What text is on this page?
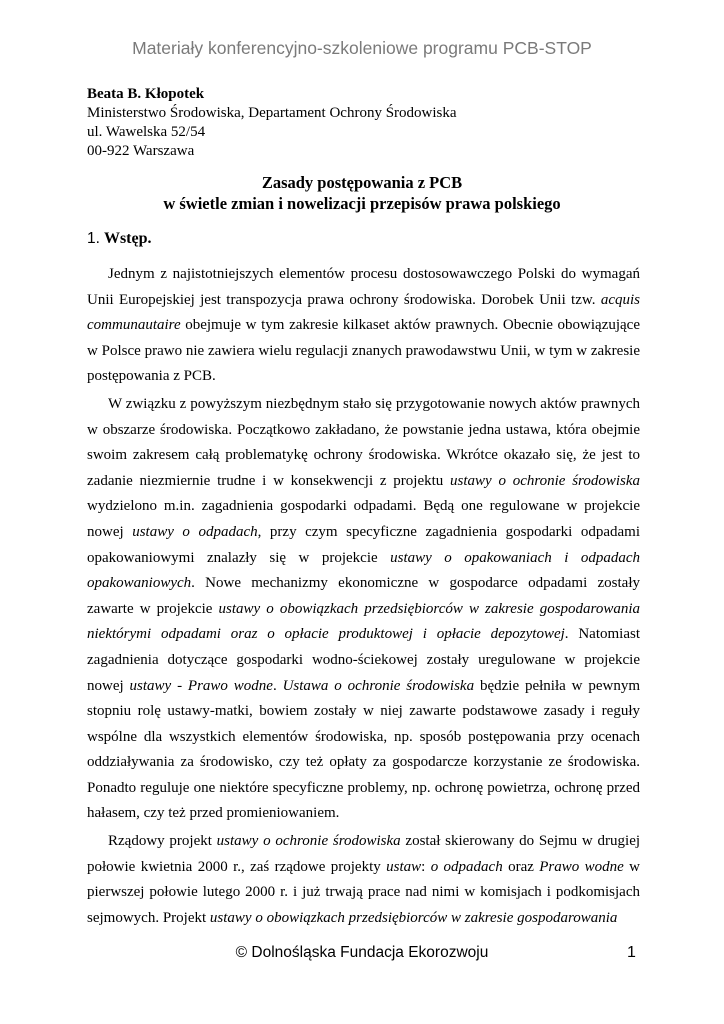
Materiały konferencyjno-szkoleniowe programu PCB-STOP
Beata B. Kłopotek
Ministerstwo Środowiska, Departament Ochrony Środowiska
ul. Wawelska 52/54
00-922 Warszawa
Zasady postępowania z PCB
w świetle zmian i nowelizacji przepisów prawa polskiego
1. Wstęp.

Jednym z najistotniejszych elementów procesu dostosowawczego Polski do wymagań Unii Europejskiej jest transpozycja prawa ochrony środowiska. Dorobek Unii tzw. acquis communautaire obejmuje w tym zakresie kilkaset aktów prawnych. Obecnie obowiązujące w Polsce prawo nie zawiera wielu regulacji znanych prawodawstwu Unii, w tym w zakresie postępowania z PCB.

W związku z powyższym niezbędnym stało się przygotowanie nowych aktów prawnych w obszarze środowiska. Początkowo zakładano, że powstanie jedna ustawa, która obejmie swoim zakresem całą problematykę ochrony środowiska. Wkrótce okazało się, że jest to zadanie niezmiernie trudne i w konsekwencji z projektu ustawy o ochronie środowiska wydzielono m.in. zagadnienia gospodarki odpadami. Będą one regulowane w projekcie nowej ustawy o odpadach, przy czym specyficzne zagadnienia gospodarki odpadami opakowaniowymi znalazły się w projekcie ustawy o opakowaniach i odpadach opakowaniowych. Nowe mechanizmy ekonomiczne w gospodarce odpadami zostały zawarte w projekcie ustawy o obowiązkach przedsiębiorców w zakresie gospodarowania niektórymi odpadami oraz o opłacie produktowej i opłacie depozytowej. Natomiast zagadnienia dotyczące gospodarki wodno-ściekowej zostały uregulowane w projekcie nowej ustawy - Prawo wodne. Ustawa o ochronie środowiska będzie pełniła w pewnym stopniu rolę ustawy-matki, bowiem zostały w niej zawarte podstawowe zasady i reguły wspólne dla wszystkich elementów środowiska, np. sposób postępowania przy ocenach oddziaływania za środowisko, czy też opłaty za gospodarcze korzystanie ze środowiska. Ponadto reguluje one niektóre specyficzne problemy, np. ochronę powietrza, ochronę przed hałasem, czy też przed promieniowaniem.

Rządowy projekt ustawy o ochronie środowiska został skierowany do Sejmu w drugiej połowie kwietnia 2000 r., zaś rządowe projekty ustaw: o odpadach oraz Prawo wodne w pierwszej połowie lutego 2000 r. i już trwają prace nad nimi w komisjach i podkomisjach sejmowych. Projekt ustawy o obowiązkach przedsiębiorców w zakresie gospodarowania

© Dolnośląska Fundacja Ekorozwoju	1
